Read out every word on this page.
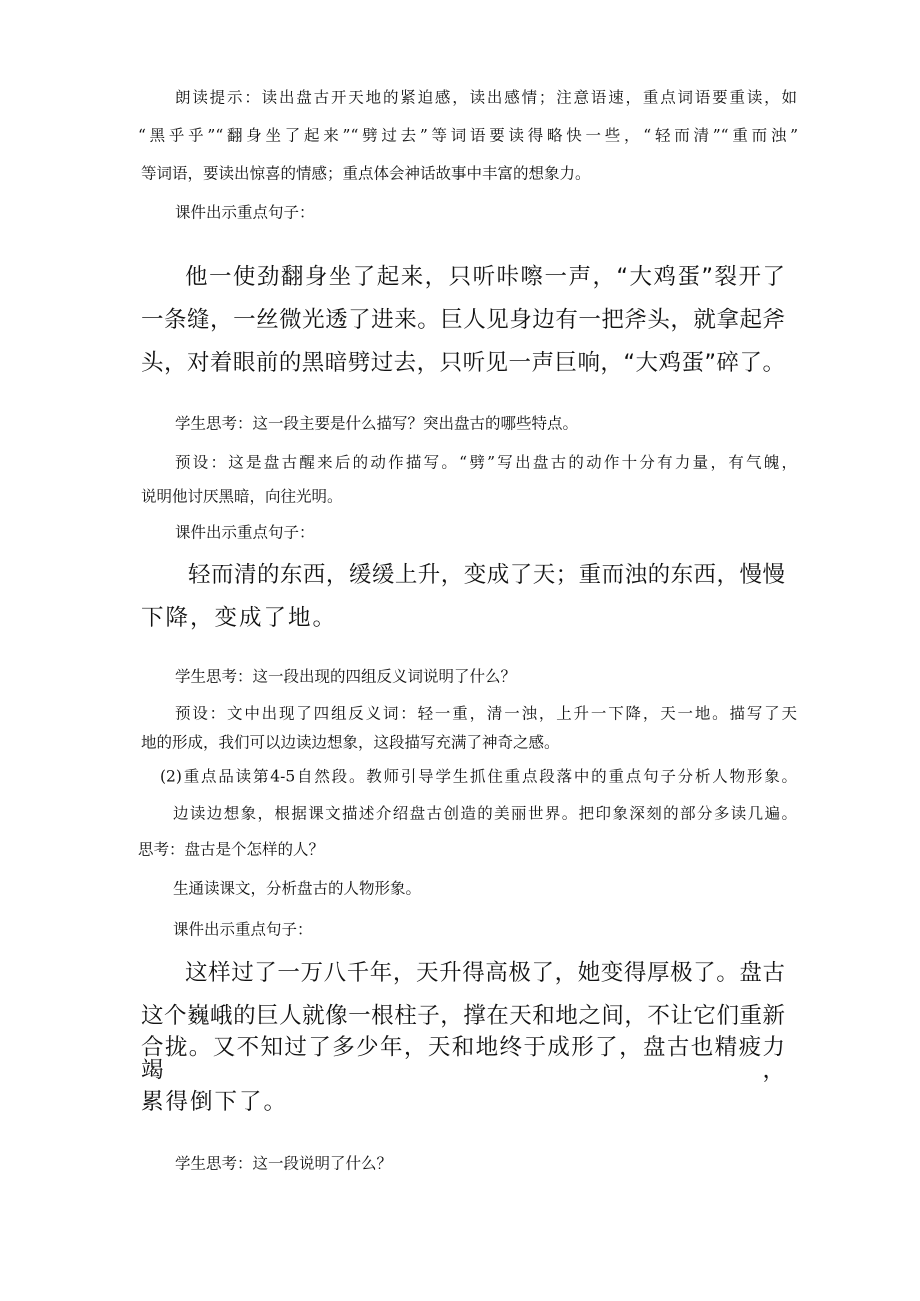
朗读提示：读出盘古开天地的紧迫感，读出感情；注意语速，重点词语要重读，如
“黑乎乎”“翻身坐了起来”“劈过去”等词语要读得略快一些，“轻而清”“重而浊”
等词语，要读出惊喜的情感；重点体会神话故事中丰富的想象力。
课件出示重点句子：
他一使劲翻身坐了起来，只听咔嚓一声，“大鸡蛋”裂开了
一条缝，一丝微光透了进来。巨人见身边有一把斧头，就拿起斧
头，对着眼前的黑暗劈过去，只听见一声巨响，“大鸡蛋”碎了。
学生思考：这一段主要是什么描写？突出盘古的哪些特点。
预设：这是盘古醒来后的动作描写。“劈”写出盘古的动作十分有力量，有气魄，
说明他讨厌黑暗，向往光明。
课件出示重点句子：
轻而清的东西，缓缓上升，变成了天；重而浊的东西，慢慢
下降，变成了地。
学生思考：这一段出现的四组反义词说明了什么？
预设：文中出现了四组反义词：轻一重，清一浊，上升一下降，天一地。描写了天
地的形成，我们可以边读边想象，这段描写充满了神奇之感。
(2)重点品读第4-5自然段。教师引导学生抓住重点段落中的重点句子分析人物形象。
边读边想象，根据课文描述介绍盘古创造的美丽世界。把印象深刻的部分多读几遍。
思考：盘古是个怎样的人？
生通读课文，分析盘古的人物形象。
课件出示重点句子：
这样过了一万八千年，天升得高极了，她变得厚极了。盘古
这个巍峨的巨人就像一根柱子，撑在天和地之间，不让它们重新
合拢。又不知过了多少年，天和地终于成形了，盘古也精疲力竭，
累得倒下了。
学生思考：这一段说明了什么？
